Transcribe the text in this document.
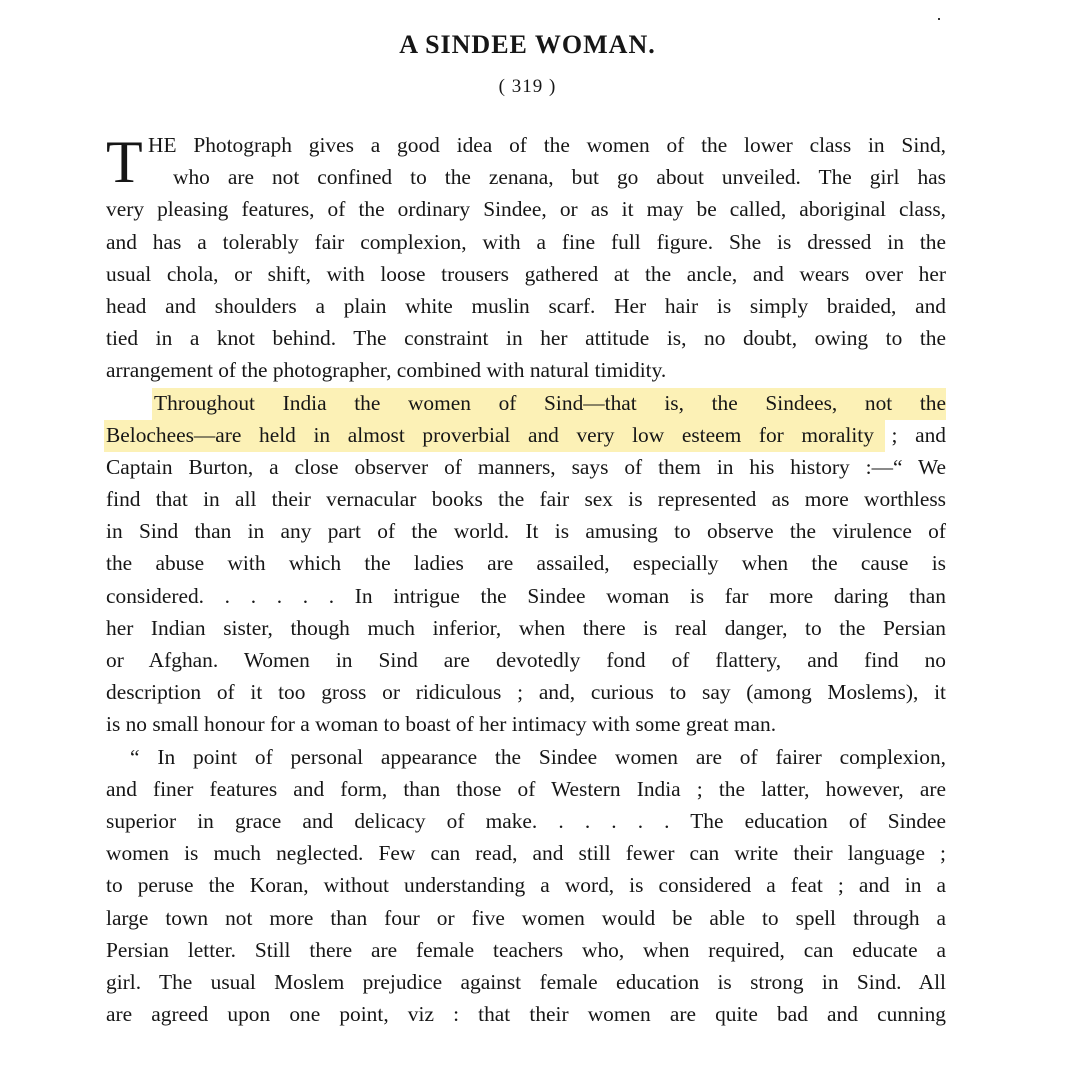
A SINDEE WOMAN.
( 319 )
T HE Photograph gives a good idea of the women of the lower class in Sind,
who are not confined to the zenana, but go about unveiled. The girl has
very pleasing features, of the ordinary Sindee, or as it may be called, aboriginal class,
and has a tolerably fair complexion, with a fine full figure. She is dressed in the
usual chola, or shift, with loose trousers gathered at the ancle, and wears over her
head and shoulders a plain white muslin scarf. Her hair is simply braided, and
tied in a knot behind. The constraint in her attitude is, no doubt, owing to the
arrangement of the photographer, combined with natural timidity.
Throughout India the women of Sind—that is, the Sindees, not the
Belochees—are held in almost proverbial and very low esteem for morality ; and
Captain Burton, a close observer of manners, says of them in his history :—“ We
find that in all their vernacular books the fair sex is represented as more worthless
in Sind than in any part of the world. It is amusing to observe the virulence of
the abuse with which the ladies are assailed, especially when the cause is
considered. . . . . . In intrigue the Sindee woman is far more daring than
her Indian sister, though much inferior, when there is real danger, to the Persian
or Afghan. Women in Sind are devotedly fond of flattery, and find no
description of it too gross or ridiculous ; and, curious to say (among Moslems), it
is no small honour for a woman to boast of her intimacy with some great man.
“ In point of personal appearance the Sindee women are of fairer complexion,
and finer features and form, than those of Western India ; the latter, however, are
superior in grace and delicacy of make. . . . . . The education of Sindee
women is much neglected. Few can read, and still fewer can write their language ;
to peruse the Koran, without understanding a word, is considered a feat ; and in a
large town not more than four or five women would be able to spell through a
Persian letter. Still there are female teachers who, when required, can educate a
girl. The usual Moslem prejudice against female education is strong in Sind. All
are agreed upon one point, viz : that their women are quite bad and cunning
